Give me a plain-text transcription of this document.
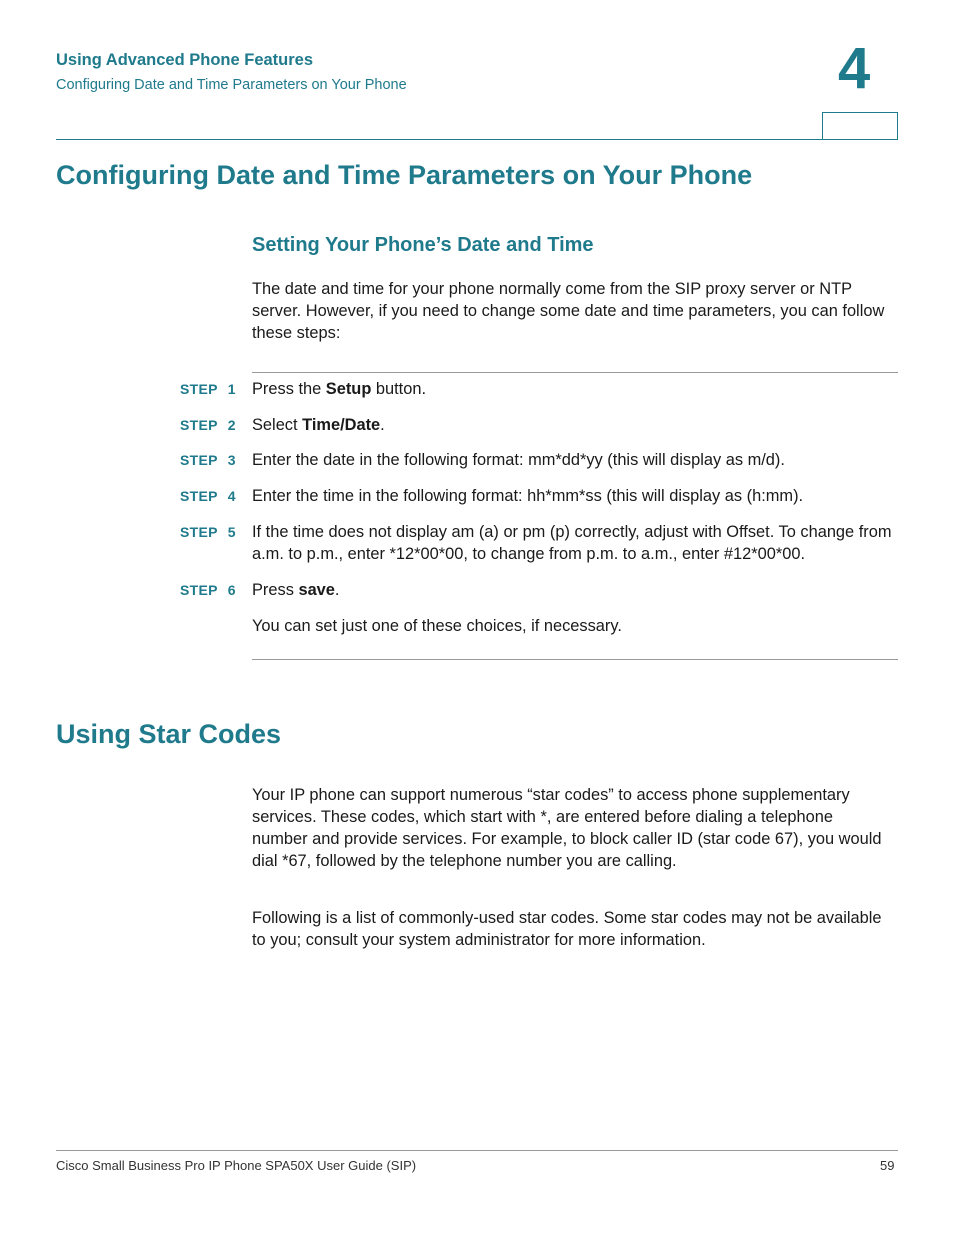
Using Advanced Phone Features
Configuring Date and Time Parameters on Your Phone	4
Configuring Date and Time Parameters on Your Phone
Setting Your Phone’s Date and Time
The date and time for your phone normally come from the SIP proxy server or NTP server. However, if you need to change some date and time parameters, you can follow these steps:
STEP 1 Press the Setup button.
STEP 2 Select Time/Date.
STEP 3 Enter the date in the following format: mm*dd*yy (this will display as m/d).
STEP 4 Enter the time in the following format: hh*mm*ss (this will display as (h:mm).
STEP 5 If the time does not display am (a) or pm (p) correctly, adjust with Offset. To change from a.m. to p.m., enter *12*00*00, to change from p.m. to a.m., enter #12*00*00.
STEP 6 Press save.
You can set just one of these choices, if necessary.
Using Star Codes
Your IP phone can support numerous “star codes” to access phone supplementary services. These codes, which start with *, are entered before dialing a telephone number and provide services. For example, to block caller ID (star code 67), you would dial *67, followed by the telephone number you are calling.
Following is a list of commonly-used star codes. Some star codes may not be available to you; consult your system administrator for more information.
Cisco Small Business Pro IP Phone SPA50X User Guide (SIP)	59
